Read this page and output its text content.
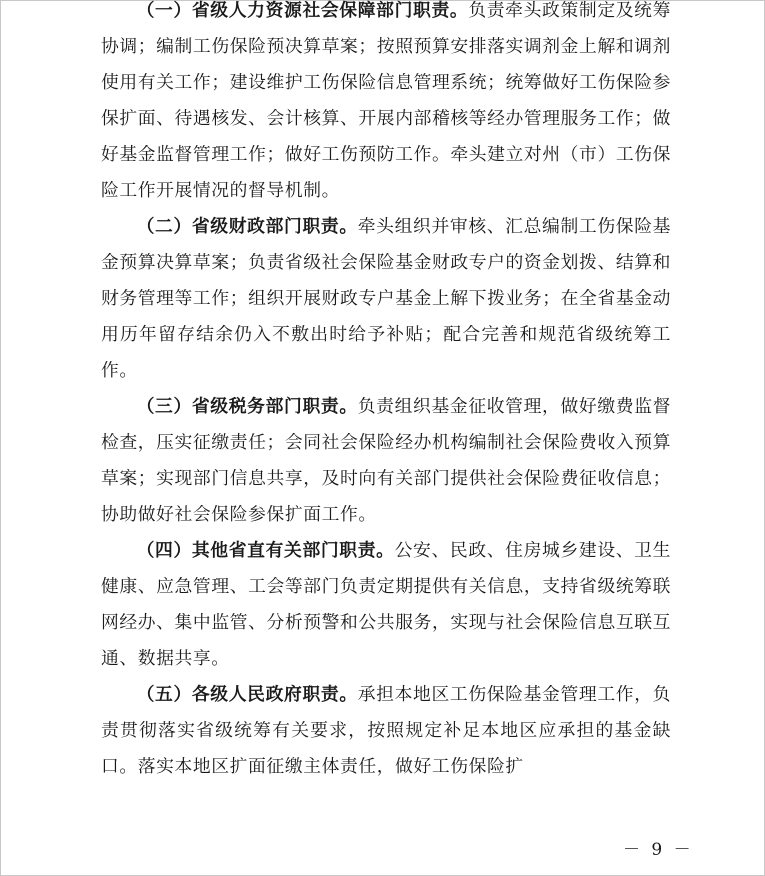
（一）省级人力资源社会保障部门职责。负责牵头政策制定及统筹协调；编制工伤保险预决算草案；按照预算安排落实调剂金上解和调剂使用有关工作；建设维护工伤保险信息管理系统；统筹做好工伤保险参保扩面、待遇核发、会计核算、开展内部稽核等经办管理服务工作；做好基金监督管理工作；做好工伤预防工作。牵头建立对州（市）工伤保险工作开展情况的督导机制。

（二）省级财政部门职责。牵头组织并审核、汇总编制工伤保险基金预算决算草案；负责省级社会保险基金财政专户的资金划拨、结算和财务管理等工作；组织开展财政专户基金上解下拨业务；在全省基金动用历年留存结余仍入不敷出时给予补贴；配合完善和规范省级统筹工作。

（三）省级税务部门职责。负责组织基金征收管理，做好缴费监督检查，压实征缴责任；会同社会保险经办机构编制社会保险费收入预算草案；实现部门信息共享，及时向有关部门提供社会保险费征收信息；协助做好社会保险参保扩面工作。

（四）其他省直有关部门职责。公安、民政、住房城乡建设、卫生健康、应急管理、工会等部门负责定期提供有关信息，支持省级统筹联网经办、集中监管、分析预警和公共服务，实现与社会保险信息互联互通、数据共享。

（五）各级人民政府职责。承担本地区工伤保险基金管理工作，负责贯彻落实省级统筹有关要求，按照规定补足本地区应承担的基金缺口。落实本地区扩面征缴主体责任，做好工伤保险扩

－ 9 －
